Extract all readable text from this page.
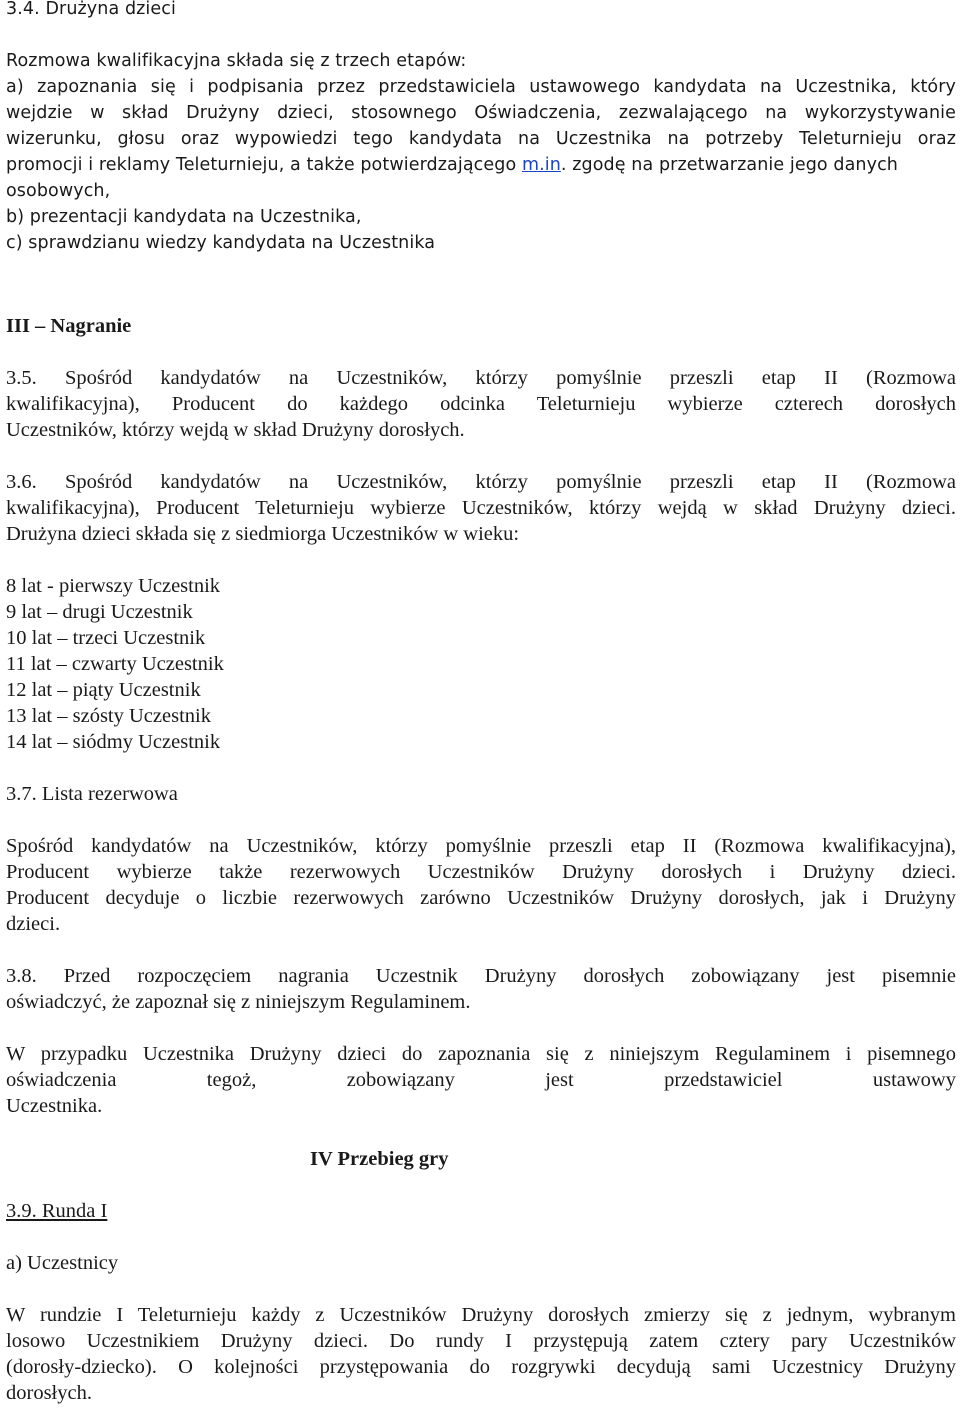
3.4. Drużyna dzieci
Rozmowa kwalifikacyjna składa się z trzech etapów:
a) zapoznania się i podpisania przez przedstawiciela ustawowego kandydata na Uczestnika, który
wejdzie w skład Drużyny dzieci, stosownego Oświadczenia, zezwalającego na wykorzystywanie
wizerunku, głosu oraz wypowiedzi tego kandydata na Uczestnika na potrzeby Teleturnieju oraz
promocji i reklamy Teleturnieju, a także potwierdzającego m.in. zgodę na przetwarzanie jego danych
osobowych,
b) prezentacji kandydata na Uczestnika,
c) sprawdzianu wiedzy kandydata na Uczestnika
III – Nagranie
3.5. Spośród kandydatów na Uczestników, którzy pomyślnie przeszli etap II (Rozmowa
kwalifikacyjna), Producent do każdego odcinka Teleturnieju wybierze czterech dorosłych
Uczestników, którzy wejdą w skład Drużyny dorosłych.
3.6. Spośród kandydatów na Uczestników, którzy pomyślnie przeszli etap II (Rozmowa
kwalifikacyjna), Producent Teleturnieju wybierze Uczestników, którzy wejdą w skład Drużyny dzieci.
Drużyna dzieci składa się z siedmiorga Uczestników w wieku:
8 lat - pierwszy Uczestnik
9 lat – drugi Uczestnik
10 lat – trzeci Uczestnik
11 lat – czwarty Uczestnik
12 lat – piąty Uczestnik
13 lat – szósty Uczestnik
14 lat – siódmy Uczestnik
3.7. Lista rezerwowa
Spośród kandydatów na Uczestników, którzy pomyślnie przeszli etap II (Rozmowa kwalifikacyjna),
Producent wybierze także rezerwowych Uczestników Drużyny dorosłych i Drużyny dzieci.
Producent decyduje o liczbie rezerwowych zarówno Uczestników Drużyny dorosłych, jak i Drużyny
dzieci.
3.8. Przed rozpoczęciem nagrania Uczestnik Drużyny dorosłych zobowiązany jest pisemnie
oświadczyć, że zapoznał się z niniejszym Regulaminem.
W przypadku Uczestnika Drużyny dzieci do zapoznania się z niniejszym Regulaminem i pisemnego
oświadczenia tegoż, zobowiązany jest przedstawiciel ustawowy
Uczestnika.
IV Przebieg gry
3.9. Runda I
a) Uczestnicy
W rundzie I Teleturnieju każdy z Uczestników Drużyny dorosłych zmierzy się z jednym, wybranym
losowo Uczestnikiem Drużyny dzieci. Do rundy I przystępują zatem cztery pary Uczestników
(dorosły-dziecko). O kolejności przystępowania do rozgrywki decydują sami Uczestnicy Drużyny
dorosłych.
